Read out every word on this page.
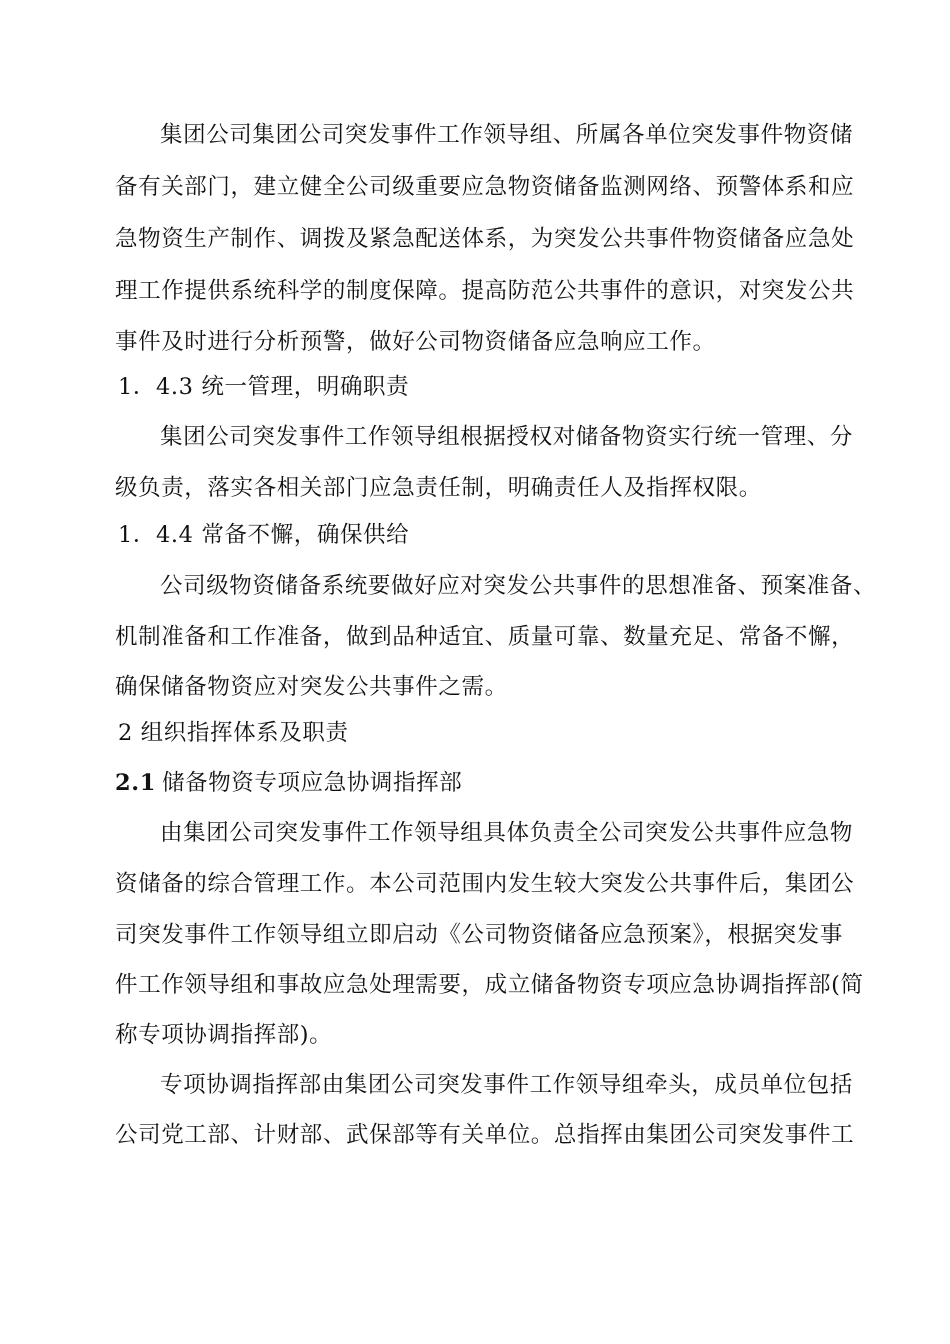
集团公司集团公司突发事件工作领导组、所属各单位突发事件物资储
备有关部门，建立健全公司级重要应急物资储备监测网络、预警体系和应
急物资生产制作、调拨及紧急配送体系，为突发公共事件物资储备应急处
理工作提供系统科学的制度保障。提高防范公共事件的意识，对突发公共
事件及时进行分析预警，做好公司物资储备应急响应工作。
1．4.3 统一管理，明确职责
集团公司突发事件工作领导组根据授权对储备物资实行统一管理、分
级负责，落实各相关部门应急责任制，明确责任人及指挥权限。
1．4.4 常备不懈，确保供给
公司级物资储备系统要做好应对突发公共事件的思想准备、预案准备、
机制准备和工作准备，做到品种适宜、质量可靠、数量充足、常备不懈，
确保储备物资应对突发公共事件之需。
2 组织指挥体系及职责
2.1 储备物资专项应急协调指挥部
由集团公司突发事件工作领导组具体负责全公司突发公共事件应急物
资储备的综合管理工作。本公司范围内发生较大突发公共事件后，集团公
司突发事件工作领导组立即启动《公司物资储备应急预案》，根据突发事
件工作领导组和事故应急处理需要，成立储备物资专项应急协调指挥部(简
称专项协调指挥部)。
专项协调指挥部由集团公司突发事件工作领导组牵头，成员单位包括
公司党工部、计财部、武保部等有关单位。总指挥由集团公司突发事件工
